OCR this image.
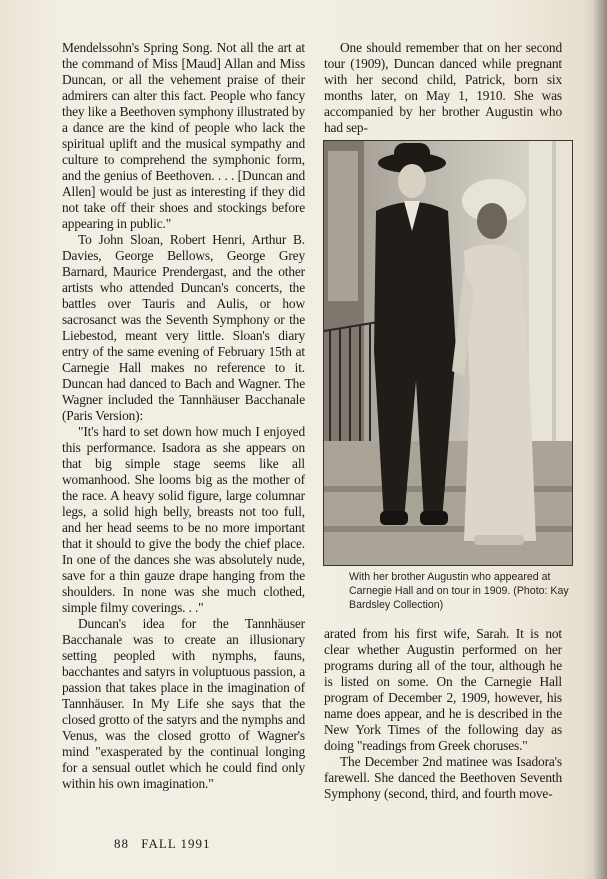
Mendelssohn's Spring Song. Not all the art at the command of Miss [Maud] Allan and Miss Duncan, or all the vehement praise of their admirers can alter this fact. People who fancy they like a Beethoven symphony illustrated by a dance are the kind of people who lack the spiritual uplift and the musical sympathy and culture to comprehend the symphonic form, and the genius of Beethoven. . . . [Duncan and Allen] would be just as interesting if they did not take off their shoes and stockings before appearing in public."

To John Sloan, Robert Henri, Arthur B. Davies, George Bellows, George Grey Barnard, Maurice Prendergast, and the other artists who attended Duncan's concerts, the battles over Tauris and Aulis, or how sacrosanct was the Seventh Symphony or the Liebestod, meant very little. Sloan's diary entry of the same evening of February 15th at Carnegie Hall makes no reference to it. Duncan had danced to Bach and Wagner. The Wagner included the Tannhäuser Bacchanale (Paris Version):

"It's hard to set down how much I enjoyed this performance. Isadora as she appears on that big simple stage seems like all womanhood. She looms big as the mother of the race. A heavy solid figure, large columnar legs, a solid high belly, breasts not too full, and her head seems to be no more important that it should to give the body the chief place. In one of the dances she was absolutely nude, save for a thin gauze drape hanging from the shoulders. In none was she much clothed, simple filmy coverings. . ."

Duncan's idea for the Tannhäuser Bacchanale was to create an illusionary setting peopled with nymphs, fauns, bacchantes and satyrs in voluptuous passion, a passion that takes place in the imagination of Tannhäuser. In My Life she says that the closed grotto of the satyrs and the nymphs and Venus, was the closed grotto of Wagner's mind "exasperated by the continual longing for a sensual outlet which he could find only within his own imagination."

One should remember that on her second tour (1909), Duncan danced while pregnant with her second child, Patrick, born six months later, on May 1, 1910. She was accompanied by her brother Augustin who had sep-

With her brother Augustin who appeared at Carnegie Hall and on tour in 1909. (Photo: Kay Bardsley Collection)

arated from his first wife, Sarah. It is not clear whether Augustin performed on her programs during all of the tour, although he is listed on some. On the Carnegie Hall program of December 2, 1909, however, his name does appear, and he is described in the New York Times of the following day as doing "readings from Greek choruses."

The December 2nd matinee was Isadora's farewell. She danced the Beethoven Seventh Symphony (second, third, and fourth move-

88 FALL 1991
